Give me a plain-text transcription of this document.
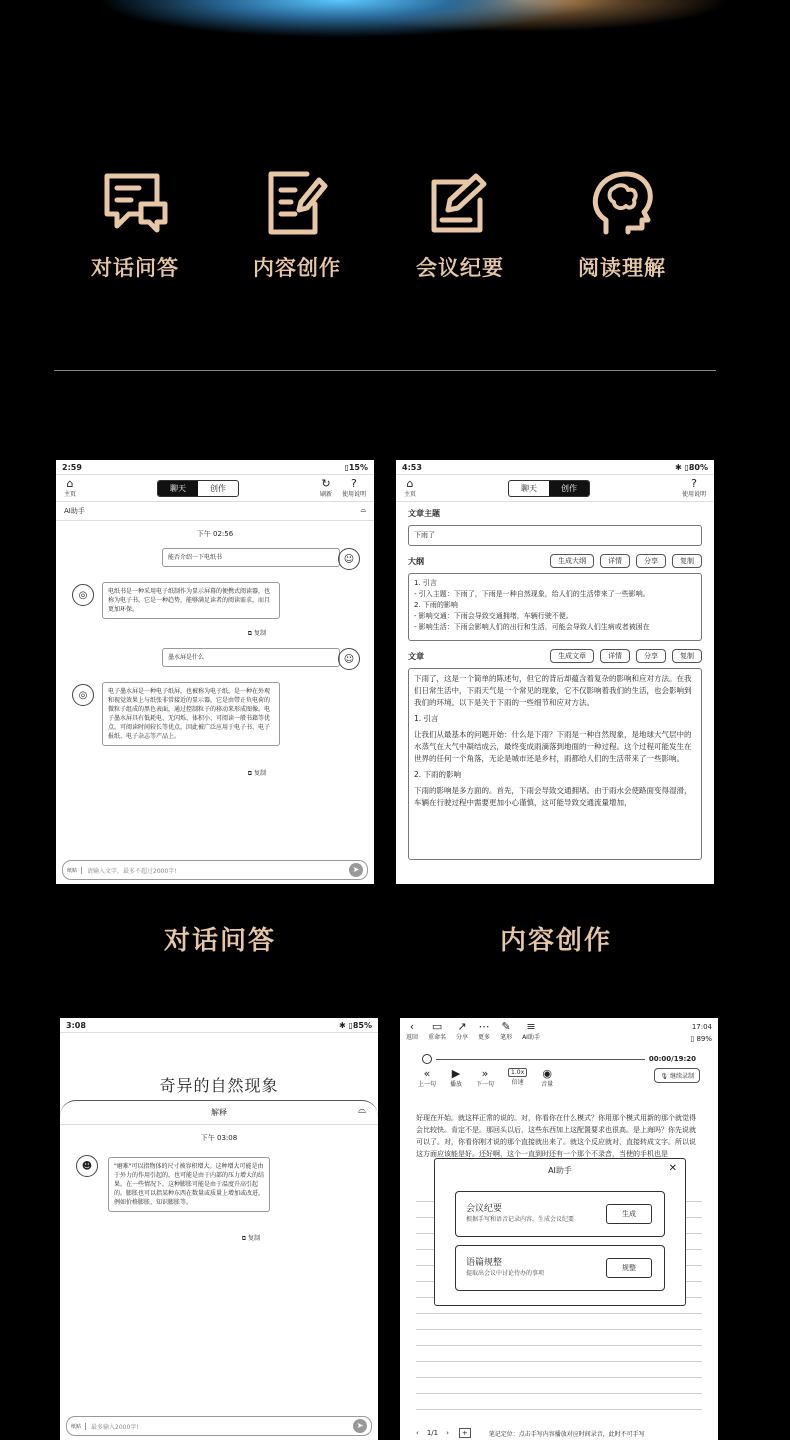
对话问答	内容创作	会议纪要	阅读理解
2:59	▯15%
⌂
主页
聊天	创作	↻
刷新
?
使用说明
AI助手	⌓
下午 02:56
能否介绍一下电纸书	☺
◎	电纸书是一种采用电子纸制作为显示屏幕的便携式阅读器，也称为电子书。它是一种趋势，能够满足读者的阅读需求，而且更加环保。
⧉ 复制
墨水屏是什么	☺
◎	电子墨水屏是一种电子纸屏，也被称为电子纸，是一种在外观和视觉效果上与纸张非常接近的显示器。它是由带正负电荷的微粒子组成的黑色表面，通过控制粒子的移动来形成图像。电子墨水屏具有低耗电、无闪烁、体积小、可阅读一般书籍等优点。可阅读时间较长等优点，因此被广泛应用于电子书、电子报纸、电子杂志等产品上。
⧉ 复制
纸贴	请输入文字，最多不超过2000字!	➤
4:53	✱ ▯80%
⌂
主页
聊天	创作	?
使用说明
文章主题
下雨了
大纲	生成大纲	详情	分享	复制
1. 引言
- 引入主题：下雨了，下雨是一种自然现象，给人们的生活带来了一些影响。
2. 下雨的影响
- 影响交通：下雨会导致交通拥堵，车辆行驶不便。
- 影响生活：下雨会影响人们的出行和生活，可能会导致人们生病或者被困在
文章	生成文章	详情	分享	复制
下雨了，这是一个简单的陈述句，但它的背后却蕴含着复杂的影响和应对方法。在我们日常生活中，下雨天气是一个常见的现象，它不仅影响着我们的生活，也会影响到我们的环境。以下是关于下雨的一些细节和应对方法。
1. 引言
让我们从最基本的问题开始：什么是下雨？下雨是一种自然现象，是地球大气层中的水蒸气在大气中凝结成云，最终变成雨滴落到地面的一种过程。这个过程可能发生在世界的任何一个角落，无论是城市还是乡村，雨都给人们的生活带来了一些影响。
2. 下雨的影响
下雨的影响是多方面的。首先，下雨会导致交通拥堵。由于雨水会使路面变得湿滑，车辆在行驶过程中需要更加小心谨慎，这可能导致交通流量增加，
对话问答	内容创作
3:08	✱ ▯85%
奇异的自然现象
解释	⌓
下午 03:08
☻	"磨难"可以指物体的尺寸被容积增大。这种增大可能是由于外力的作用引起的，也可能是由于内部的压力增大的结果。在一些情况下，这种膨胀可能是由于温度升高引起的。膨胀也可以指某种东西在数量或质量上增加或改进，例如价格膨胀、知识膨胀等。
⧉ 复制
纸贴	最多输入2000字!	➤
‹
返回
▭
重命名
↗
分享
⋯
更多
✎
笔形
≡
AI助手
17:04
▯ 89%
00:00/19:20
«
上一句
▶
播放
»
下一句
1.0x
倍速
◉
音量
🎙 继续录制
好现在开始。就这样正常的说的。对，你看你在什么模式？你用那个模式用新的那个就觉得会比较快。肯定不是。那回头以后，这些东西加上这配置要求也很高。是上海吗？你先说就可以了。对，你看你刚才说的那个直接就出来了。就这个反应就对，直接转成文字。所以说这方面应该能是好。还好啊，这个一直到时还有一个那个不录音，当使的手机也是
AI助手	✕
会议纪要
根据手写和语音记录内容，生成会议纪要
生成
语篇规整
提取出会议中讨论待办的事项
规整
‹ 1/1 ›	+	笔记定位：点击手写内容播放对应时间录音，此时不可手写
